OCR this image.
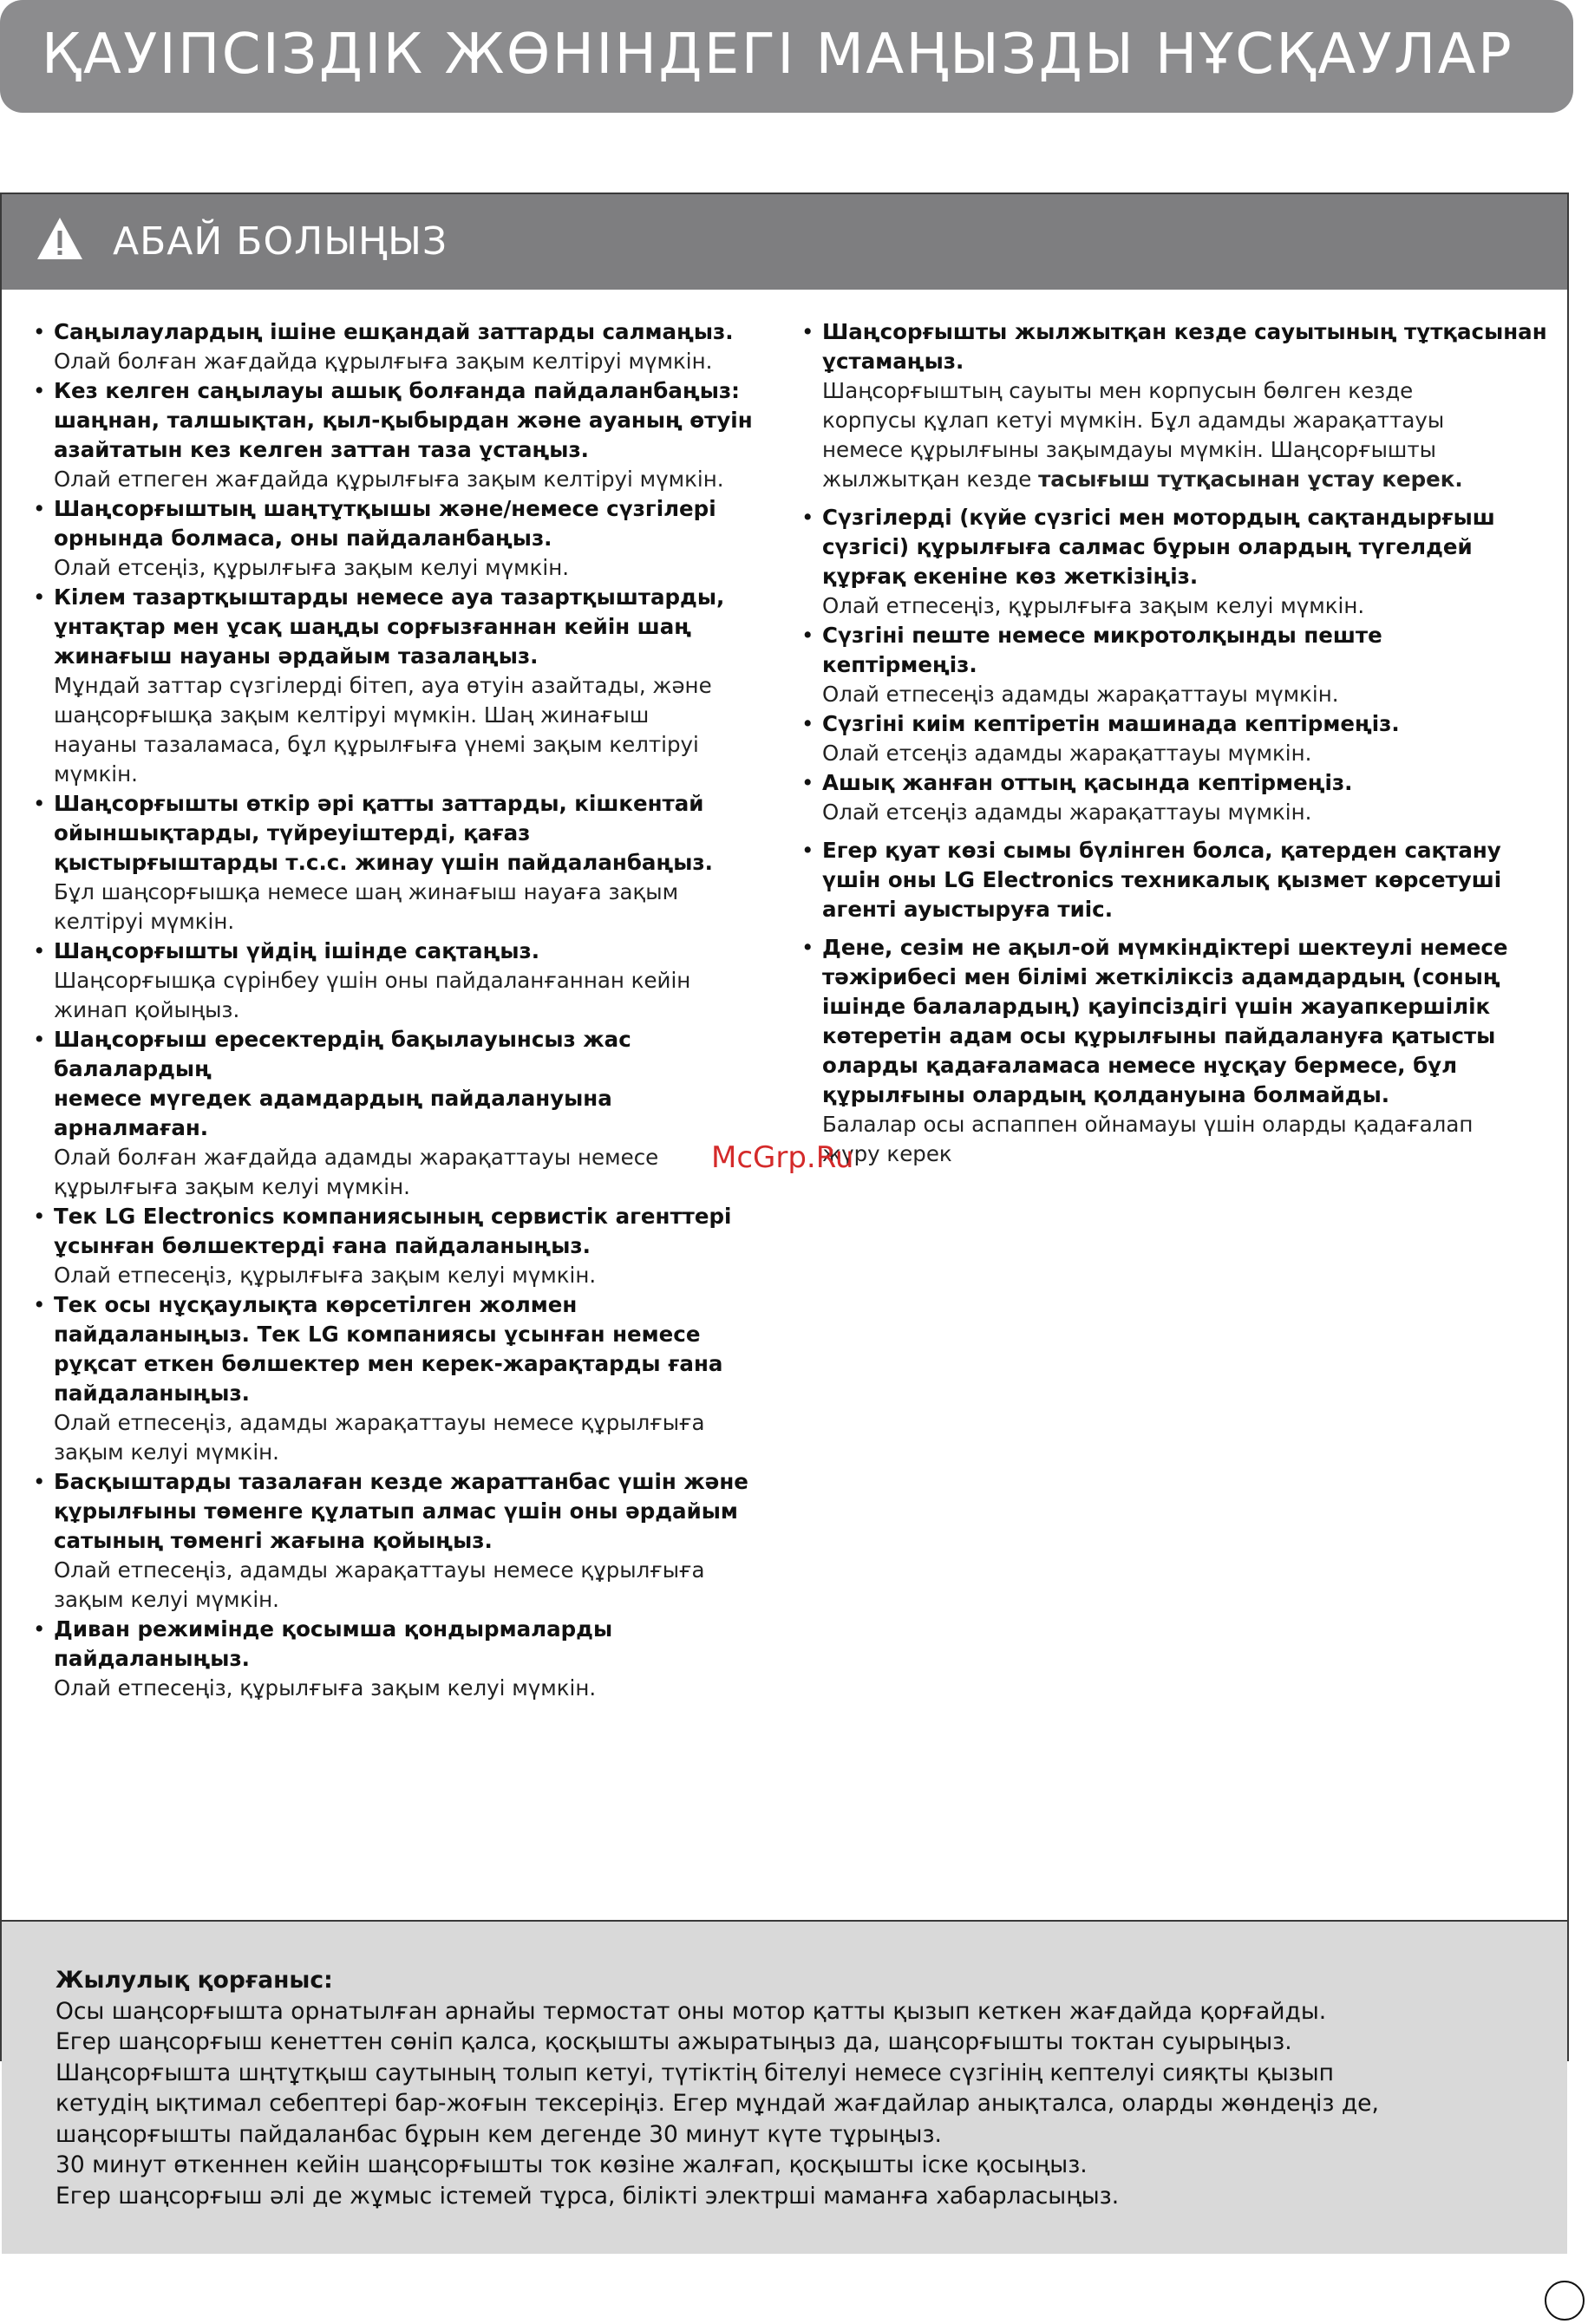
ҚАУІПСІЗДІК ЖӨНІНДЕГІ МАҢЫЗДЫ НҰСҚАУЛАР
АБАЙ БОЛЫҢЫЗ
• Саңылаулардың ішіне ешқандай заттарды салмаңыз.
Олай болған жағдайда құрылғыға зақым келтіруі мүмкін.
• Кез келген саңылауы ашық болғанда пайдаланбаңыз:
шаңнан, талшықтан, қыл-қыбырдан және ауаның өтуін
азайтатын кез келген заттан таза ұстаңыз.
Олай етпеген жағдайда құрылғыға зақым келтіруі мүмкін.
• Шаңсорғыштың шаңтұтқышы және/немесе сүзгілері
орнында болмаса, оны пайдаланбаңыз.
Олай етсеңіз, құрылғыға зақым келуі мүмкін.
• Кілем тазартқыштарды немесе ауа тазартқыштарды,
ұнтақтар мен ұсақ шаңды сорғызғаннан кейін шаң
жинағыш науаны әрдайым тазалаңыз.
Мұндай заттар сүзгілерді бітеп, ауа өтуін азайтады, және
шаңсорғышқа зақым келтіруі мүмкін. Шаң жинағыш
науаны тазаламаса, бұл құрылғыға үнемі зақым келтіруі
мүмкін.
• Шаңсорғышты өткір әрі қатты заттарды, кішкентай
ойыншықтарды, түйреуіштерді, қағаз
қыстырғыштарды т.с.с. жинау үшін пайдаланбаңыз.
Бұл шаңсорғышқа немесе шаң жинағыш науаға зақым
келтіруі мүмкін.
• Шаңсорғышты үйдің ішінде сақтаңыз.
Шаңсорғышқа сүрінбеу үшін оны пайдаланғаннан кейін
жинап қойыңыз.
• Шаңсорғыш ересектердің бақылауынсыз жас балалардың
немесе мүгедек адамдардың пайдалануына арналмаған.
Олай болған жағдайда адамды жарақаттауы немесе
құрылғыға зақым келуі мүмкін.
• Тек LG Electronics компаниясының сервистік агенттері
ұсынған бөлшектерді ғана пайдаланыңыз.
Олай етпесеңіз, құрылғыға зақым келуі мүмкін.
• Тек осы нұсқаулықта көрсетілген жолмен
пайдаланыңыз. Тек LG компаниясы ұсынған немесе
рұқсат еткен бөлшектер мен керек-жарақтарды ғана
пайдаланыңыз.
Олай етпесеңіз, адамды жарақаттауы немесе құрылғыға
зақым келуі мүмкін.
• Басқыштарды тазалаған кезде жараттанбас үшін және
құрылғыны төменге құлатып алмас үшін оны әрдайым
сатының төменгі жағына қойыңыз.
Олай етпесеңіз, адамды жарақаттауы немесе құрылғыға
зақым келуі мүмкін.
• Диван режимінде қосымша қондырмаларды
пайдаланыңыз.
Олай етпесеңіз, құрылғыға зақым келуі мүмкін.
• Шаңсорғышты жылжытқан кезде сауытының тұтқасынан
ұстамаңыз.
Шаңсорғыштың сауыты мен корпусын бөлген кезде
корпусы құлап кетуі мүмкін. Бұл адамды жарақаттауы
немесе құрылғыны зақымдауы мүмкін. Шаңсорғышты
жылжытқан кезде тасығыш тұтқасынан ұстау керек.
• Сүзгілерді (күйе сүзгісі мен мотордың сақтандырғыш
сүзгісі) құрылғыға салмас бұрын олардың түгелдей
құрғақ екеніне көз жеткізіңіз.
Олай етпесеңіз, құрылғыға зақым келуі мүмкін.
• Сүзгіні пеште немесе микротолқынды пеште
кептірмеңіз.
Олай етпесеңіз адамды жарақаттауы мүмкін.
• Сүзгіні киім кептіретін машинада кептірмеңіз.
Олай етсеңіз адамды жарақаттауы мүмкін.
• Ашық жанған оттың қасында кептірмеңіз.
Олай етсеңіз адамды жарақаттауы мүмкін.
• Егер қуат көзі сымы бүлінген болса, қатерден сақтану
үшін оны LG Electronics техникалық қызмет көрсетуші
агенті ауыстыруға тиіс.
• Дене, сезім не ақыл-ой мүмкіндіктері шектеулі немесе
тәжірибесі мен білімі жеткіліксіз адамдардың (соның
ішінде балалардың) қауіпсіздігі үшін жауапкершілік
көтеретін адам осы құрылғыны пайдалануға қатысты
оларды қадағаламаса немесе нұсқау бермесе, бұл
құрылғыны олардың қолдануына болмайды.
Балалар осы аспаппен ойнамауы үшін оларды қадағалап
жүру керек
Жылулық қорғаныс:
Осы шаңсорғышта орнатылған арнайы термостат оны мотор қатты қызып кеткен жағдайда қорғайды.
Егер шаңсорғыш кенеттен сөніп қалса, қосқышты ажыратыңыз да, шаңсорғышты токтан суырыңыз.
Шаңсорғышта шңтұтқыш саутының толып кетуі, түтіктің бітелуі немесе сүзгінің кептелуі сияқты қызып
кетудің ықтимал себептері бар-жоғын тексеріңіз. Егер мұндай жағдайлар анықталса, оларды жөндеңіз де,
шаңсорғышты пайдаланбас бұрын кем дегенде 30 минут күте тұрыңыз.
30 минут өткеннен кейін шаңсорғышты ток көзіне жалғап, қосқышты іске қосыңыз.
Егер шаңсорғыш әлі де жұмыс істемей тұрса, білікті электрші маманға хабарласыңыз.
McGrp.Ru
